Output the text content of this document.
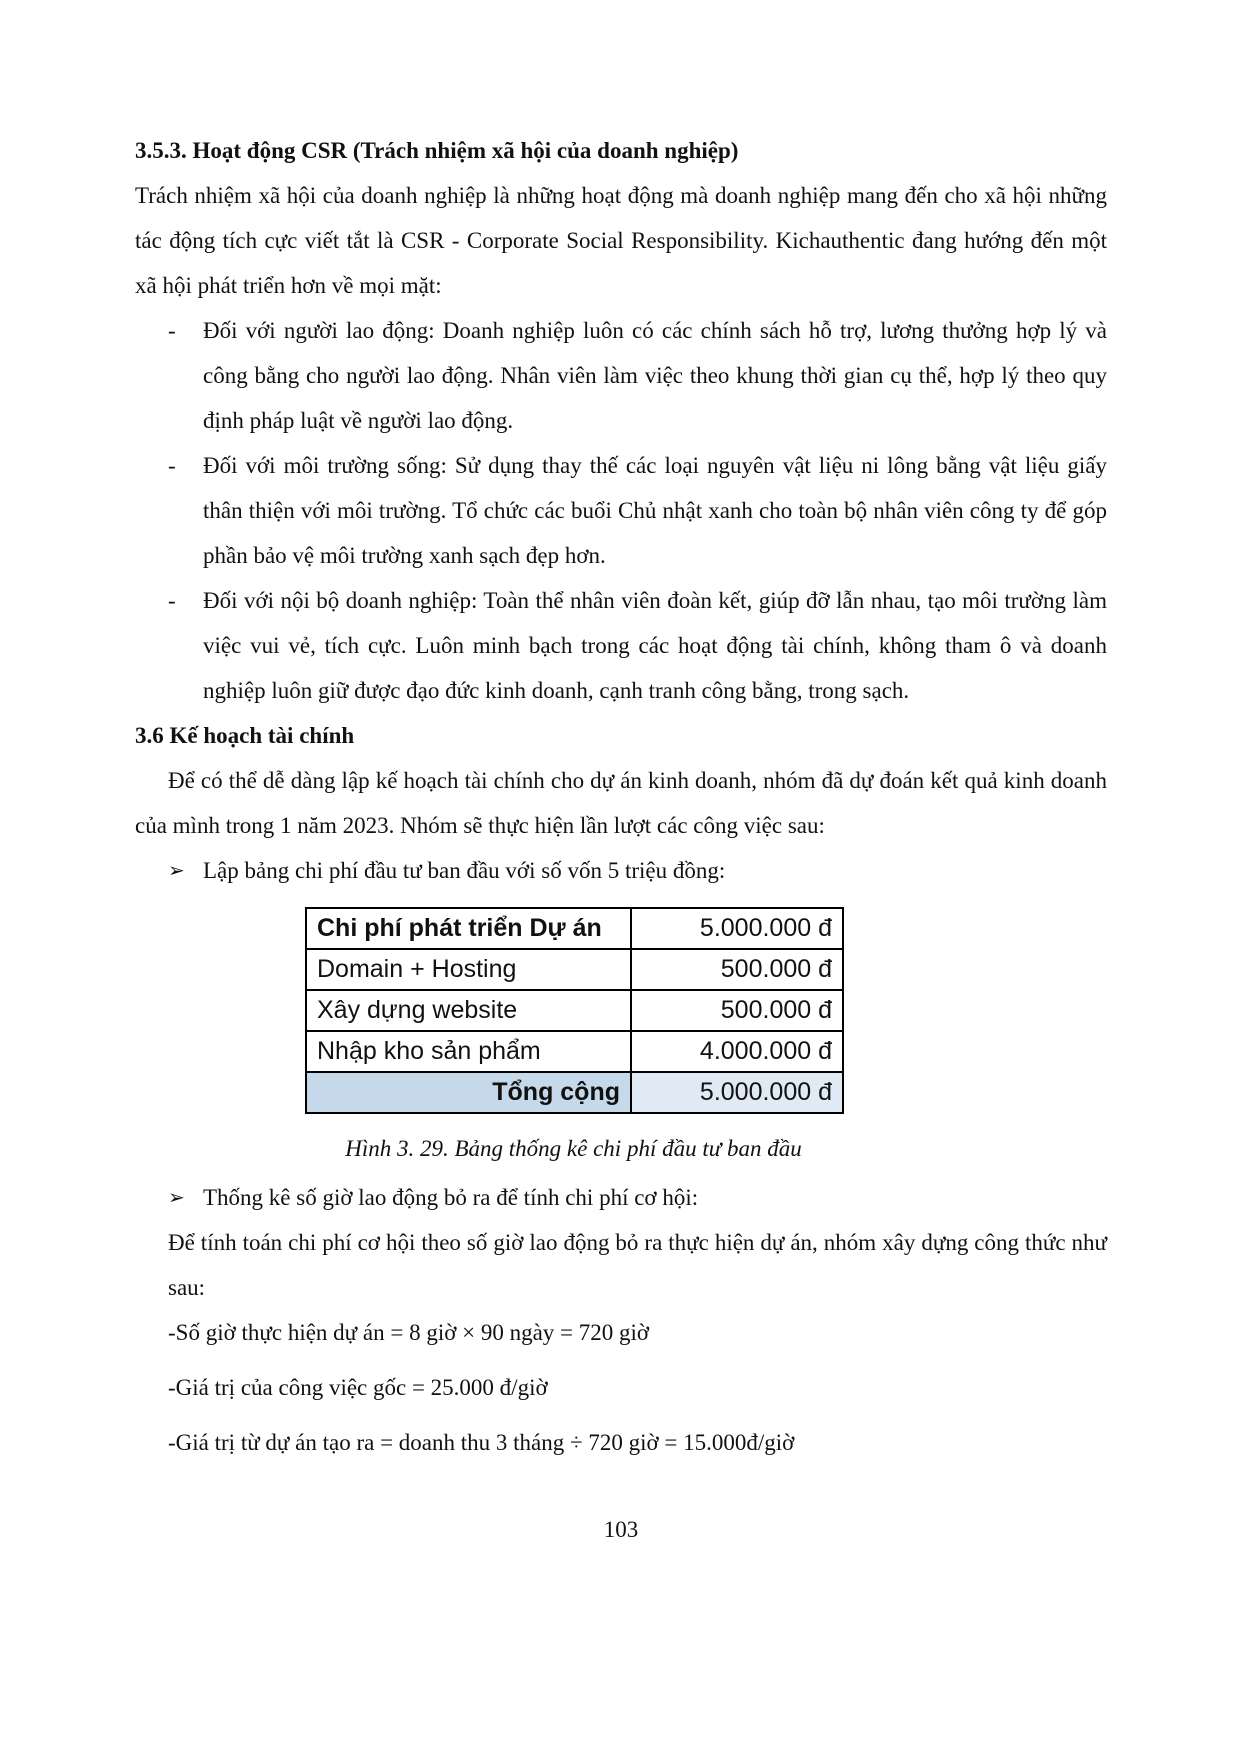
3.5.3. Hoạt động CSR (Trách nhiệm xã hội của doanh nghiệp)
Trách nhiệm xã hội của doanh nghiệp là những hoạt động mà doanh nghiệp mang đến cho xã hội những tác động tích cực viết tắt là CSR - Corporate Social Responsibility. Kichauthentic đang hướng đến một xã hội phát triển hơn về mọi mặt:
-	Đối với người lao động: Doanh nghiệp luôn có các chính sách hỗ trợ, lương thưởng hợp lý và công bằng cho người lao động. Nhân viên làm việc theo khung thời gian cụ thể, hợp lý theo quy định pháp luật về người lao động.
-	Đối với môi trường sống: Sử dụng thay thế các loại nguyên vật liệu ni lông bằng vật liệu giấy thân thiện với môi trường. Tổ chức các buổi Chủ nhật xanh cho toàn bộ nhân viên công ty để góp phần bảo vệ môi trường xanh sạch đẹp hơn.
-	Đối với nội bộ doanh nghiệp: Toàn thể nhân viên đoàn kết, giúp đỡ lẫn nhau, tạo môi trường làm việc vui vẻ, tích cực. Luôn minh bạch trong các hoạt động tài chính, không tham ô và doanh nghiệp luôn giữ được đạo đức kinh doanh, cạnh tranh công bằng, trong sạch.
3.6 Kế hoạch tài chính
Để có thể dễ dàng lập kế hoạch tài chính cho dự án kinh doanh, nhóm đã dự đoán kết quả kinh doanh của mình trong 1 năm 2023. Nhóm sẽ thực hiện lần lượt các công việc sau:
➢ Lập bảng chi phí đầu tư ban đầu với số vốn 5 triệu đồng:
Chi phí phát triển Dự án	5.000.000 đ
Domain + Hosting	500.000 đ
Xây dựng website	500.000 đ
Nhập kho sản phẩm	4.000.000 đ
Tổng cộng	5.000.000 đ
Hình 3. 29. Bảng thống kê chi phí đầu tư ban đầu
➢ Thống kê số giờ lao động bỏ ra để tính chi phí cơ hội:
Để tính toán chi phí cơ hội theo số giờ lao động bỏ ra thực hiện dự án, nhóm xây dựng công thức như sau:
- Số giờ thực hiện dự án = 8 giờ × 90 ngày = 720 giờ
- Giá trị của công việc gốc = 25.000 đ/giờ
- Giá trị từ dự án tạo ra = doanh thu 3 tháng ÷ 720 giờ = 15.000đ/giờ
103
